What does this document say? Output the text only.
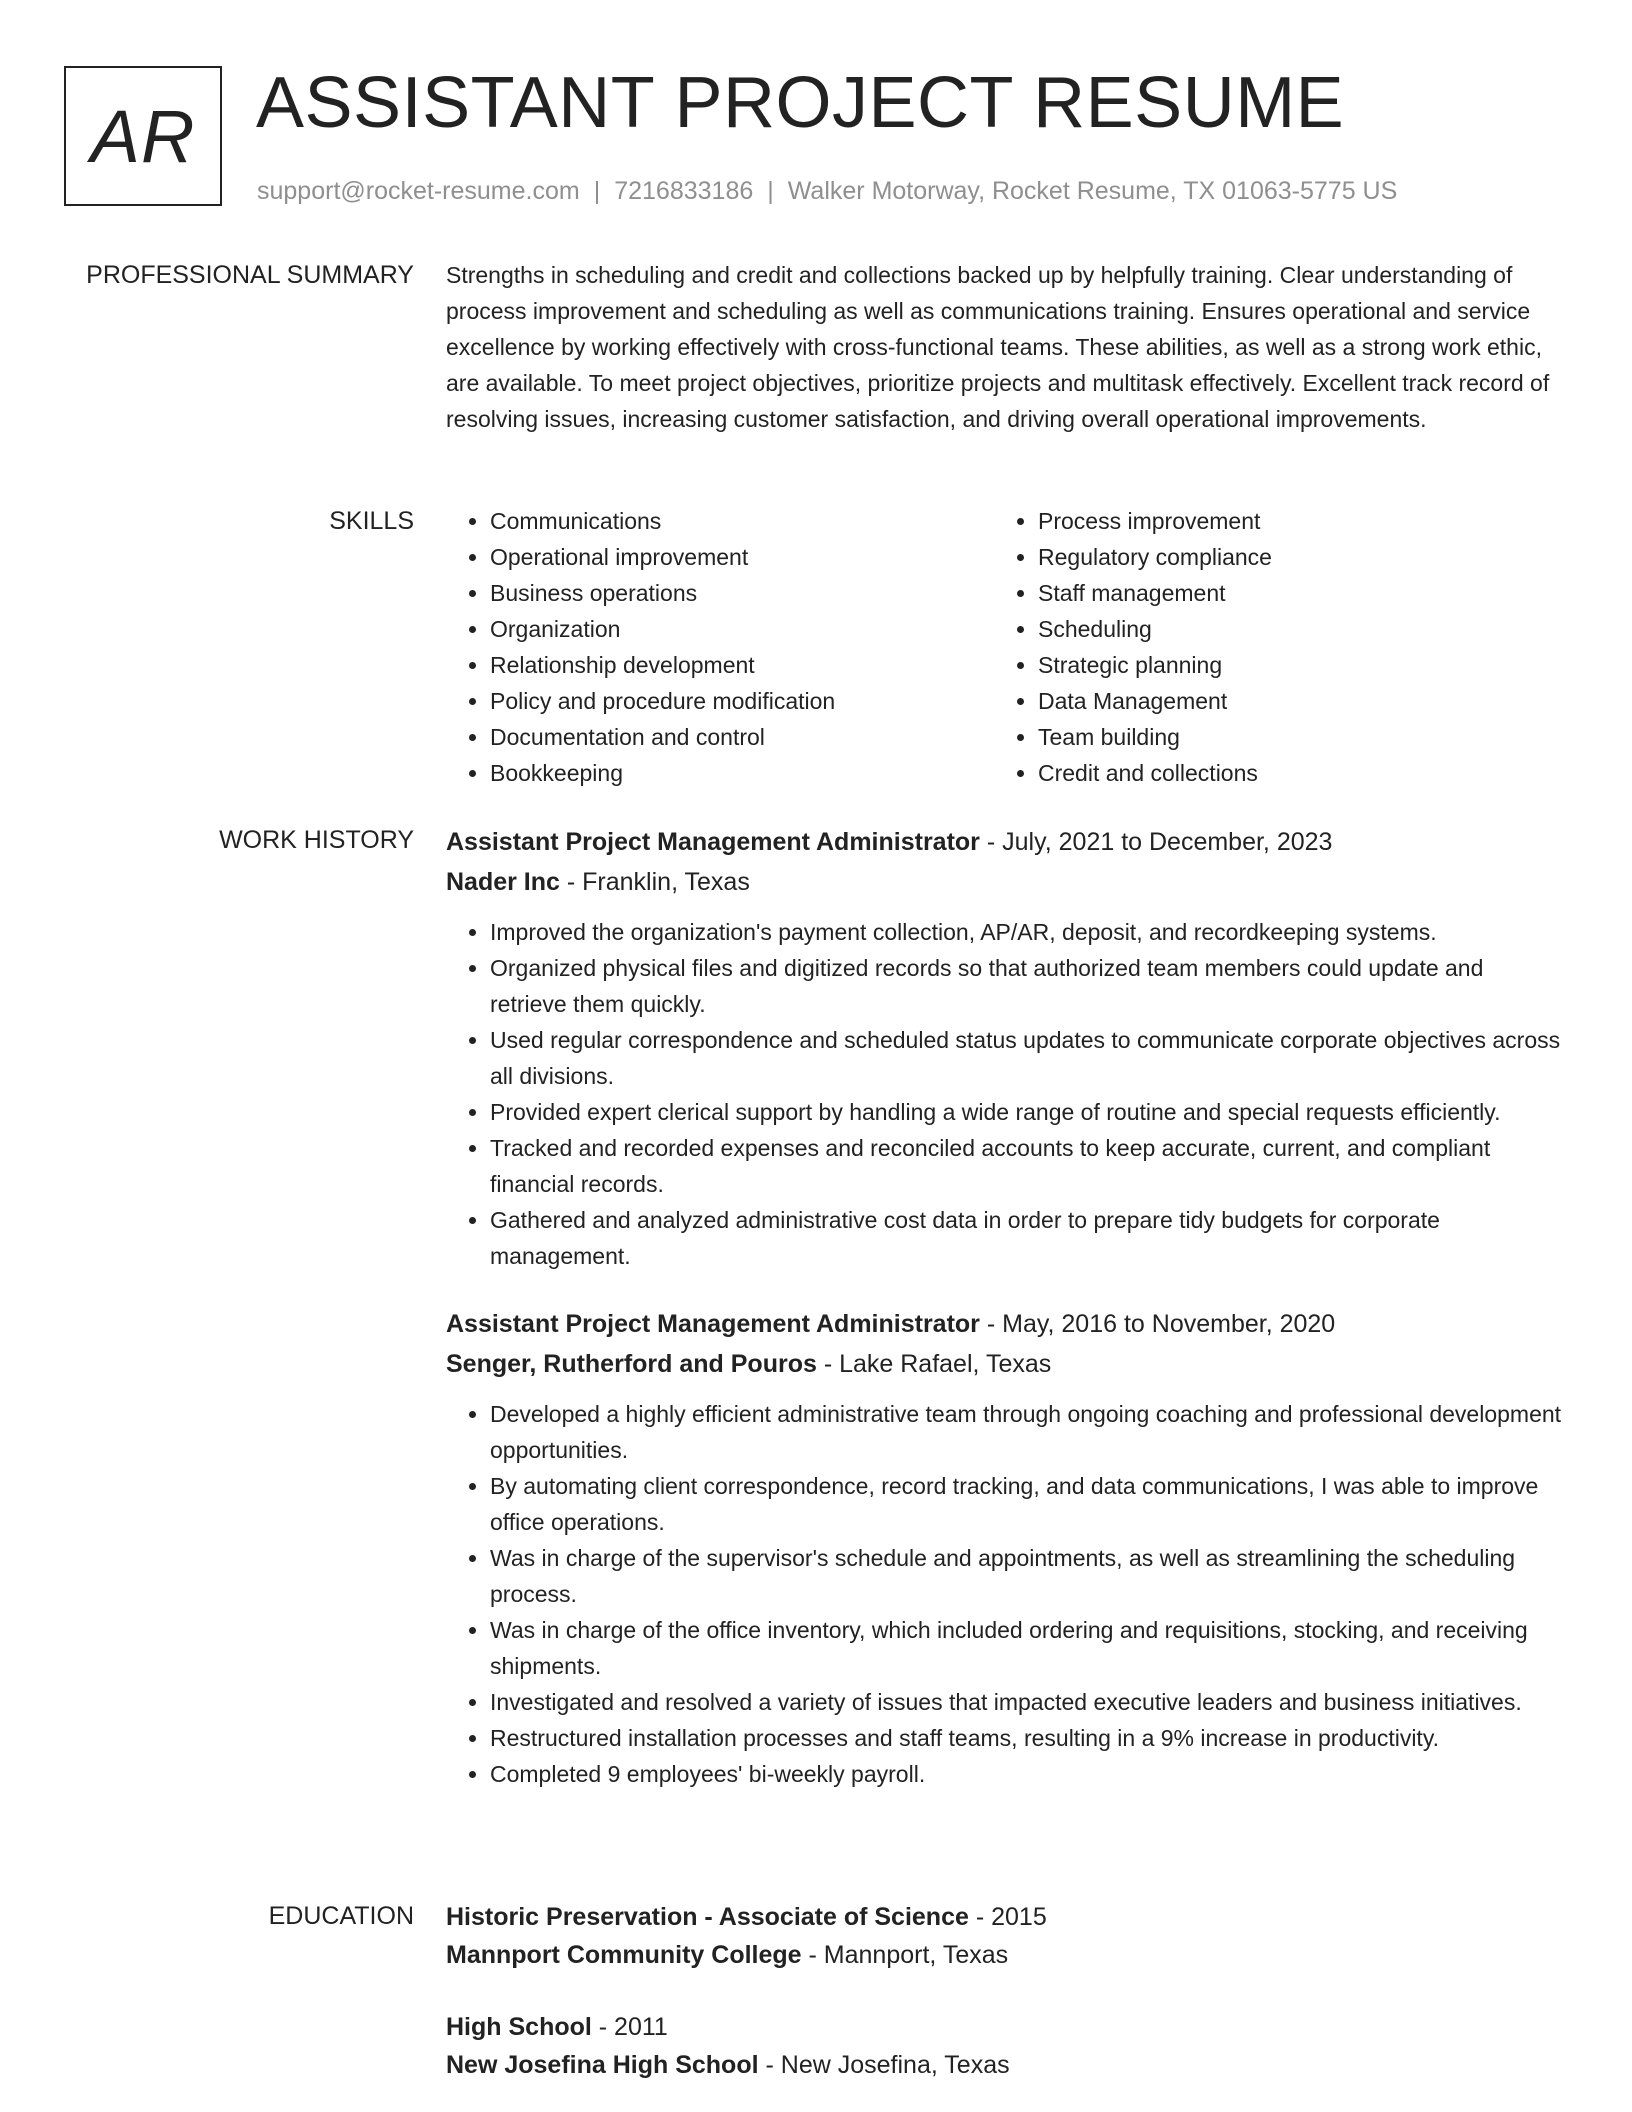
AR ASSISTANT PROJECT RESUME
support@rocket-resume.com | 7216833186 | Walker Motorway, Rocket Resume, TX 01063-5775 US
PROFESSIONAL SUMMARY Strengths in scheduling and credit and collections backed up by helpfully training. Clear understanding of process improvement and scheduling as well as communications training. Ensures operational and service excellence by working effectively with cross-functional teams. These abilities, as well as a strong work ethic, are available. To meet project objectives, prioritize projects and multitask effectively. Excellent track record of resolving issues, increasing customer satisfaction, and driving overall operational improvements.

SKILLS
•	Communications
• Operational improvement
• Business operations
• Organization
• Relationship development
• Policy and procedure modification
• Documentation and control
• Bookkeeping
• Process improvement
• Regulatory compliance
• Staff management
• Scheduling
• Strategic planning
• Data Management
• Team building
• Credit and collections
WORK HISTORY Assistant Project Management Administrator - July, 2021 to December, 2023
Nader Inc - Franklin, Texas
• Improved the organization's payment collection, AP/AR, deposit, and recordkeeping systems.
• Organized physical files and digitized records so that authorized team members could update and retrieve them quickly.
• Used regular correspondence and scheduled status updates to communicate corporate objectives across all divisions.
• Provided expert clerical support by handling a wide range of routine and special requests efficiently.
• Tracked and recorded expenses and reconciled accounts to keep accurate, current, and compliant financial records.
• Gathered and analyzed administrative cost data in order to prepare tidy budgets for corporate management.
Assistant Project Management Administrator - May, 2016 to November, 2020
Senger, Rutherford and Pouros - Lake Rafael, Texas
• Developed a highly efficient administrative team through ongoing coaching and professional development opportunities.
• By automating client correspondence, record tracking, and data communications, I was able to improve office operations.
• Was in charge of the supervisor's schedule and appointments, as well as streamlining the scheduling process.
• Was in charge of the office inventory, which included ordering and requisitions, stocking, and receiving shipments.
• Investigated and resolved a variety of issues that impacted executive leaders and business initiatives.
• Restructured installation processes and staff teams, resulting in a 9% increase in productivity.
• Completed 9 employees' bi-weekly payroll.
EDUCATION Historic Preservation - Associate of Science - 2015
Mannport Community College - Mannport, Texas
High School - 2011
New Josefina High School - New Josefina, Texas
